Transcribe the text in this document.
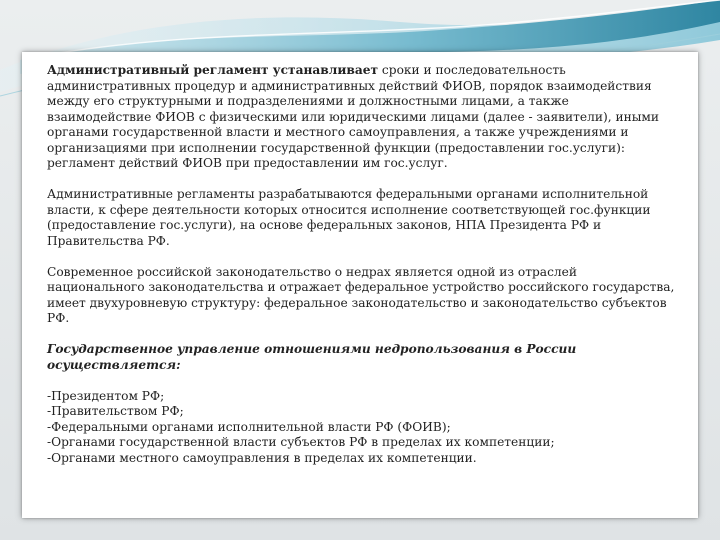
Административный регламент устанавливает сроки и последовательность административных процедур и административных действий ФИОВ, порядок взаимодействия между его структурными и подразделениями и должностными лицами, а также взаимодействие ФИОВ с физическими или юридическими лицами (далее - заявители), иными органами государственной власти и местного самоуправления, а также учреждениями и организациями при исполнении государственной функции (предоставлении гос.услуги): регламент действий ФИОВ при предоставлении им гос.услуг.

Административные регламенты разрабатываются федеральными органами исполнительной власти, к сфере деятельности которых относится исполнение соответствующей гос.функции (предоставление гос.услуги), на основе федеральных законов, НПА Президента РФ и Правительства РФ.

Современное российской законодательство о недрах является одной из отраслей национального законодательства и отражает федеральное устройство российского государства, имеет двухуровневую структуру: федеральное законодательство и законодательство субъектов РФ.

Государственное управление отношениями недропользования в России осуществляется:

-Президентом РФ;
-Правительством РФ;
-Федеральными органами исполнительной власти РФ (ФОИВ);
-Органами государственной власти субъектов РФ в пределах их компетенции;
-Органами местного самоуправления в пределах их компетенции.
